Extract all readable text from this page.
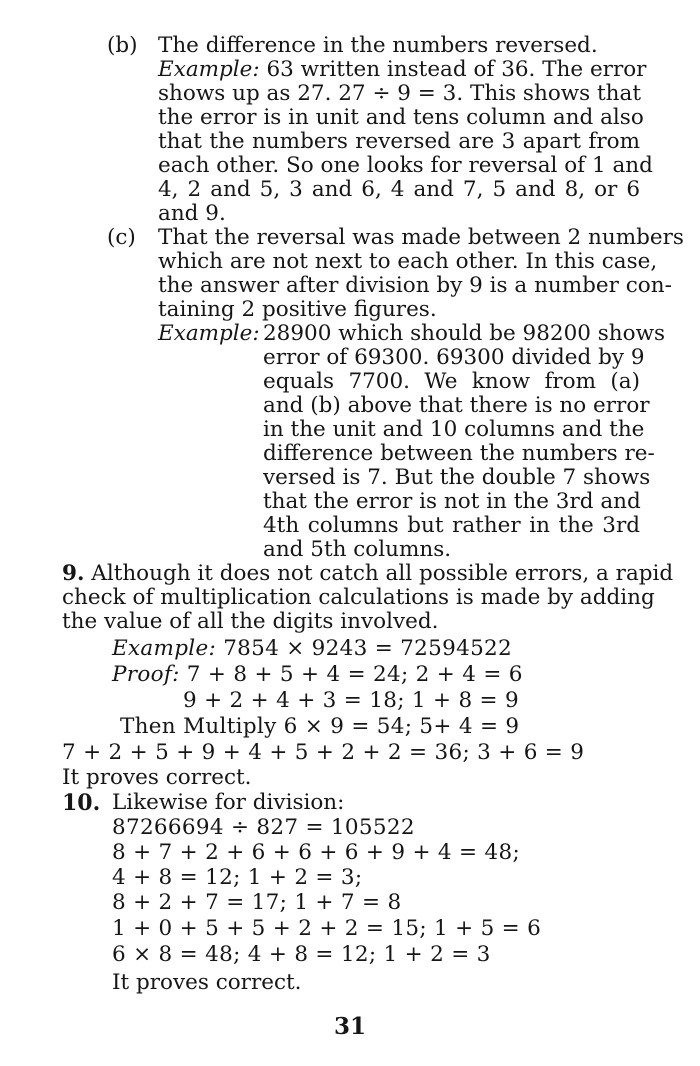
(b) The difference in the numbers reversed.
Example: 63 written instead of 36. The error
shows up as 27. 27 ÷ 9 = 3. This shows that
the error is in unit and tens column and also
that the numbers reversed are 3 apart from
each other. So one looks for reversal of 1 and
4, 2 and 5, 3 and 6, 4 and 7, 5 and 8, or 6
and 9.
(c) That the reversal was made between 2 numbers
which are not next to each other. In this case,
the answer after division by 9 is a number con-
taining 2 positive figures.
Example: 28900 which should be 98200 shows
error of 69300. 69300 divided by 9
equals 7700. We know from (a)
and (b) above that there is no error
in the unit and 10 columns and the
difference between the numbers re-
versed is 7. But the double 7 shows
that the error is not in the 3rd and
4th columns but rather in the 3rd
and 5th columns.
9. Although it does not catch all possible errors, a rapid
check of multiplication calculations is made by adding
the value of all the digits involved.
Example: 7854 × 9243 = 72594522
Proof: 7 + 8 + 5 + 4 = 24; 2 + 4 = 6
9 + 2 + 4 + 3 = 18; 1 + 8 = 9
Then Multiply 6 × 9 = 54; 5+ 4 = 9
7 + 2 + 5 + 9 + 4 + 5 + 2 + 2 = 36; 3 + 6 = 9
It proves correct.
10. Likewise for division:
87266694 ÷ 827 = 105522
8 + 7 + 2 + 6 + 6 + 6 + 9 + 4 = 48;
4 + 8 = 12; 1 + 2 = 3;
8 + 2 + 7 = 17; 1 + 7 = 8
1 + 0 + 5 + 5 + 2 + 2 = 15; 1 + 5 = 6
6 × 8 = 48; 4 + 8 = 12; 1 + 2 = 3
It proves correct.
31
